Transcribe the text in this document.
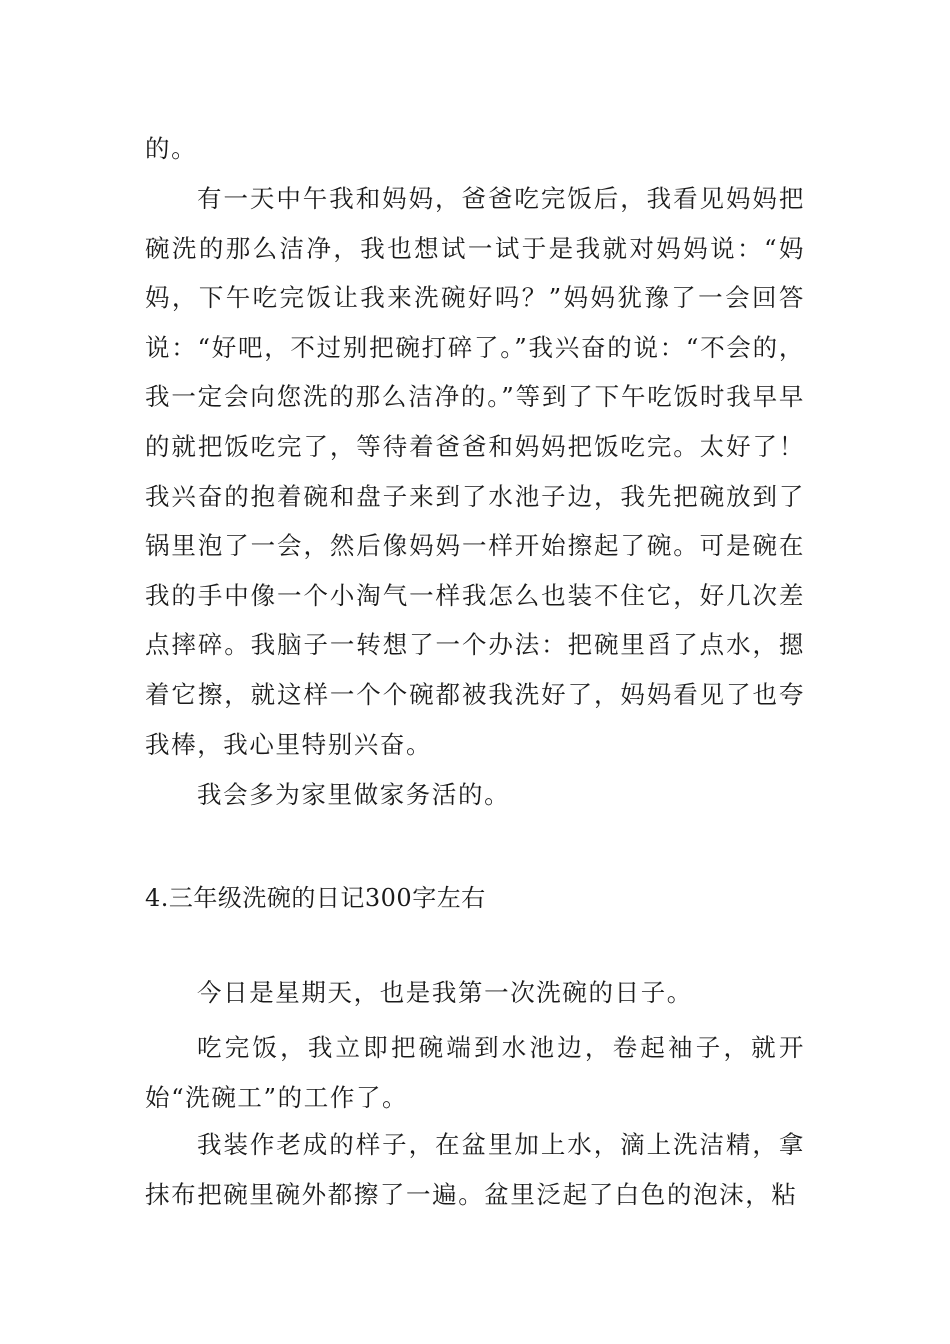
的。

有一天中午我和妈妈，爸爸吃完饭后，我看见妈妈把碗洗的那么洁净，我也想试一试于是我就对妈妈说：“妈妈，下午吃完饭让我来洗碗好吗？”妈妈犹豫了一会回答说：“好吧，不过别把碗打碎了。”我兴奋的说：“不会的，我一定会向您洗的那么洁净的。”等到了下午吃饭时我早早的就把饭吃完了，等待着爸爸和妈妈把饭吃完。太好了！我兴奋的抱着碗和盘子来到了水池子边，我先把碗放到了锅里泡了一会，然后像妈妈一样开始擦起了碗。可是碗在我的手中像一个小淘气一样我怎么也装不住它，好几次差点摔碎。我脑子一转想了一个办法：把碗里舀了点水，摁着它擦，就这样一个个碗都被我洗好了，妈妈看见了也夸我棒，我心里特别兴奋。

我会多为家里做家务活的。

4.三年级洗碗的日记300字左右

今日是星期天，也是我第一次洗碗的日子。

吃完饭，我立即把碗端到水池边，卷起袖子，就开始“洗碗工”的工作了。

我装作老成的样子，在盆里加上水，滴上洗洁精，拿抹布把碗里碗外都擦了一遍。盆里泛起了白色的泡沫，粘
